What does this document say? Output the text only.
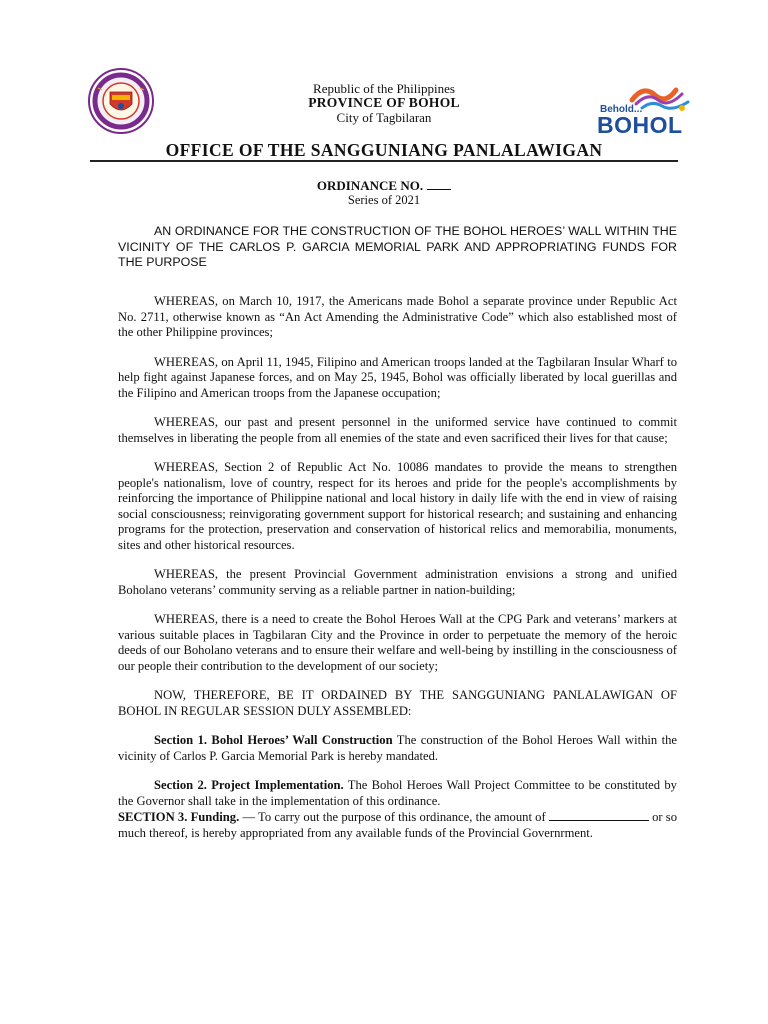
Behold...
BOHOL
Republic of the Philippines
PROVINCE OF BOHOL
City of Tagbilaran
OFFICE OF THE SANGGUNIANG PANLALAWIGAN
ORDINANCE NO.
Series of 2021

AN ORDINANCE FOR THE CONSTRUCTION OF THE BOHOL HEROES’ WALL WITHIN THE VICINITY OF THE CARLOS P. GARCIA MEMORIAL PARK AND APPROPRIATING FUNDS FOR THE PURPOSE

WHEREAS, on March 10, 1917, the Americans made Bohol a separate province under Republic Act No. 2711, otherwise known as “An Act Amending the Administrative Code” which also established most of the other Philippine provinces;

WHEREAS, on April 11, 1945, Filipino and American troops landed at the Tagbilaran Insular Wharf to help fight against Japanese forces, and on May 25, 1945, Bohol was officially liberated by local guerillas and the Filipino and American troops from the Japanese occupation;

WHEREAS, our past and present personnel in the uniformed service have continued to commit themselves in liberating the people from all enemies of the state and even sacrificed their lives for that cause;

WHEREAS, Section 2 of Republic Act No. 10086 mandates to provide the means to strengthen people's nationalism, love of country, respect for its heroes and pride for the people's accomplishments by reinforcing the importance of Philippine national and local history in daily life with the end in view of raising social consciousness; reinvigorating government support for historical research; and sustaining and enhancing programs for the protection, preservation and conservation of historical relics and memorabilia, monuments, sites and other historical resources.

WHEREAS, the present Provincial Government administration envisions a strong and unified Boholano veterans’ community serving as a reliable partner in nation-building;

WHEREAS, there is a need to create the Bohol Heroes Wall at the CPG Park and veterans’ markers at various suitable places in Tagbilaran City and the Province in order to perpetuate the memory of the heroic deeds of our Boholano veterans and to ensure their welfare and well-being by instilling in the consciousness of our people their contribution to the development of our society;

NOW, THEREFORE, BE IT ORDAINED BY THE SANGGUNIANG PANLALAWIGAN OF BOHOL IN REGULAR SESSION DULY ASSEMBLED:

Section 1. Bohol Heroes’ Wall Construction The construction of the Bohol Heroes Wall within the vicinity of Carlos P. Garcia Memorial Park is hereby mandated.

Section 2. Project Implementation. The Bohol Heroes Wall Project Committee to be constituted by the Governor shall take in the implementation of this ordinance.

SECTION 3. Funding. — To carry out the purpose of this ordinance, the amount of	or so much thereof, is hereby appropriated from any available funds of the Provincial Governrment.
